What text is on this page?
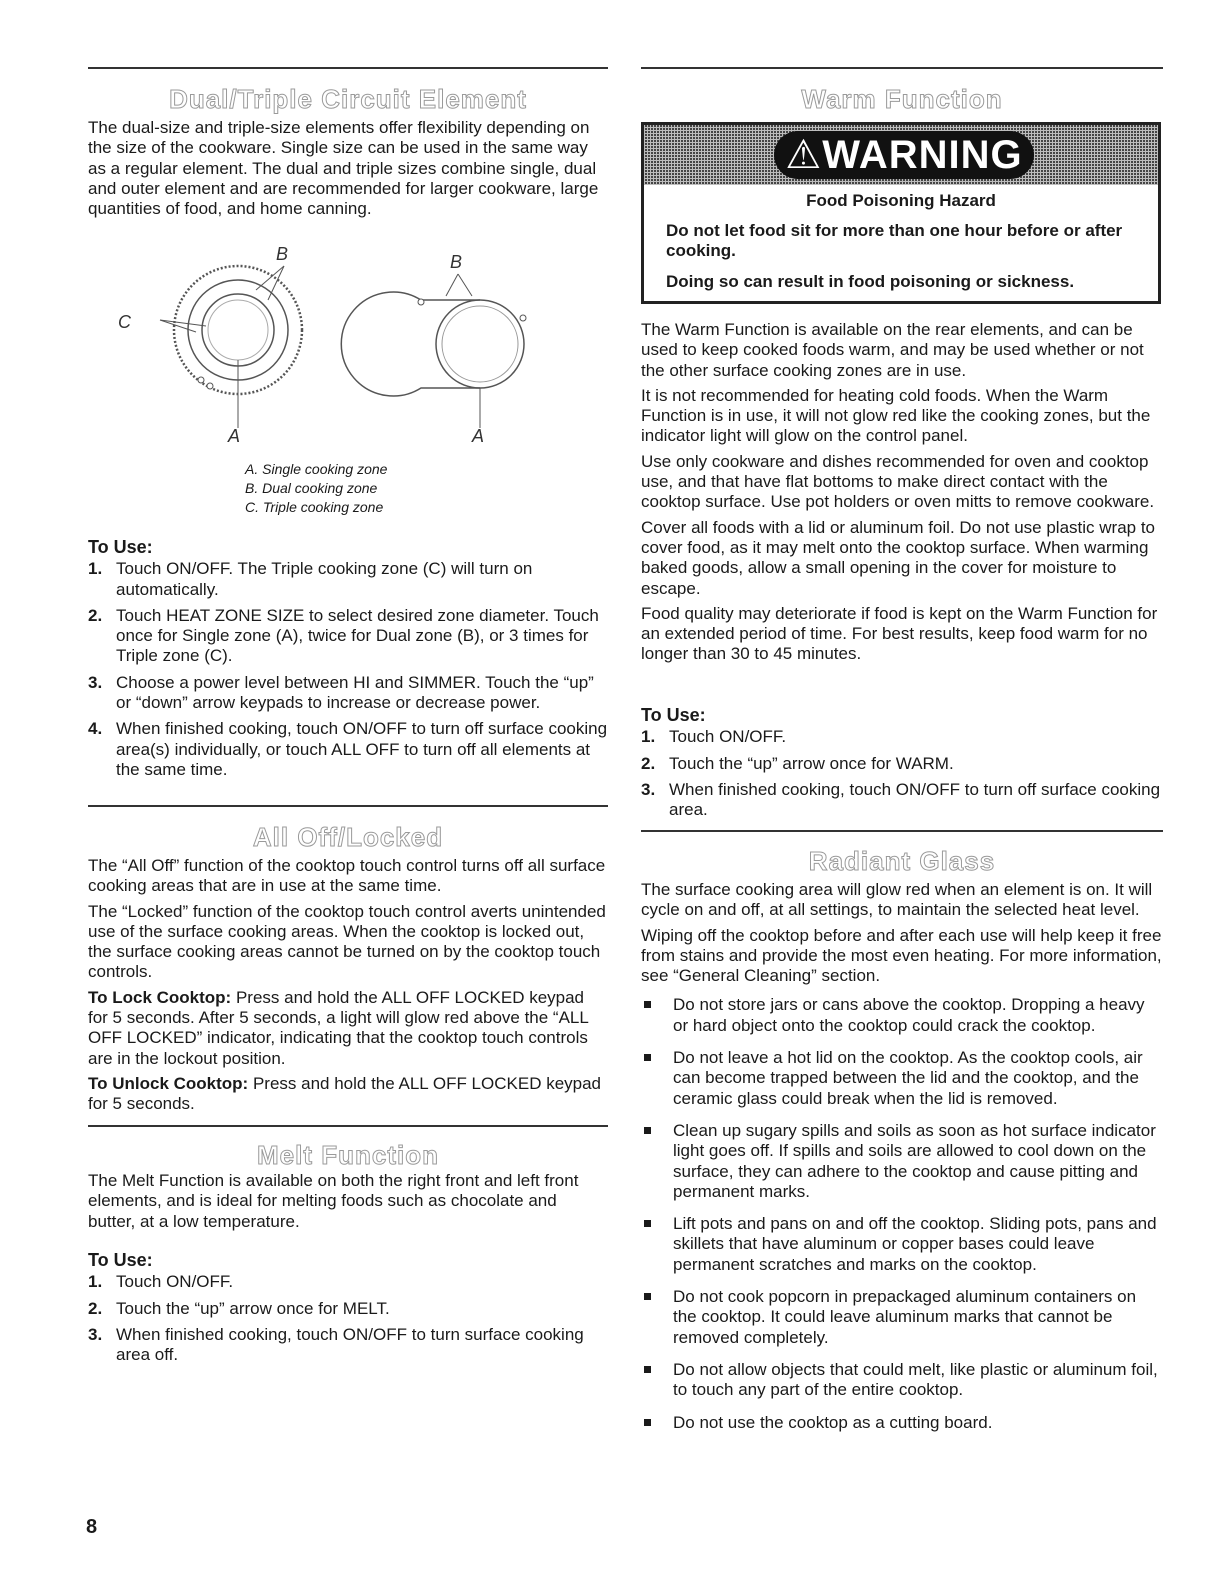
Dual/Triple Circuit Element

The dual-size and triple-size elements offer flexibility depending on the size of the cookware. Single size can be used in the same way as a regular element. The dual and triple sizes combine single, dual and outer element and are recommended for larger cookware, large quantities of food, and home canning.

B	B
C
A	A
A. Single cooking zone
B. Dual cooking zone
C. Triple cooking zone
To Use:
1. Touch ON/OFF. The Triple cooking zone (C) will turn on automatically.
2. Touch HEAT ZONE SIZE to select desired zone diameter. Touch once for Single zone (A), twice for Dual zone (B), or 3 times for Triple zone (C).
3. Choose a power level between HI and SIMMER. Touch the “up” or “down” arrow keypads to increase or decrease power.
4. When finished cooking, touch ON/OFF to turn off surface cooking area(s) individually, or touch ALL OFF to turn off all elements at the same time.
All Off/Locked

The “All Off” function of the cooktop touch control turns off all surface cooking areas that are in use at the same time.

The “Locked” function of the cooktop touch control averts unintended use of the surface cooking areas. When the cooktop is locked out, the surface cooking areas cannot be turned on by the cooktop touch controls.

To Lock Cooktop: Press and hold the ALL OFF LOCKED keypad for 5 seconds. After 5 seconds, a light will glow red above the “ALL OFF LOCKED” indicator, indicating that the cooktop touch controls are in the lockout position.

To Unlock Cooktop: Press and hold the ALL OFF LOCKED keypad for 5 seconds.

Melt Function

The Melt Function is available on both the right front and left front elements, and is ideal for melting foods such as chocolate and butter, at a low temperature.

To Use:
1. Touch ON/OFF.
2. Touch the “up” arrow once for MELT.
3. When finished cooking, touch ON/OFF to turn surface cooking area off.
Warm Function
⚠WARNING
Food Poisoning Hazard
Do not let food sit for more than one hour before or after cooking.
Doing so can result in food poisoning or sickness.

The Warm Function is available on the rear elements, and can be used to keep cooked foods warm, and may be used whether or not the other surface cooking zones are in use.

It is not recommended for heating cold foods. When the Warm Function is in use, it will not glow red like the cooking zones, but the indicator light will glow on the control panel.

Use only cookware and dishes recommended for oven and cooktop use, and that have flat bottoms to make direct contact with the cooktop surface. Use pot holders or oven mitts to remove cookware.

Cover all foods with a lid or aluminum foil. Do not use plastic wrap to cover food, as it may melt onto the cooktop surface. When warming baked goods, allow a small opening in the cover for moisture to escape.

Food quality may deteriorate if food is kept on the Warm Function for an extended period of time. For best results, keep food warm for no longer than 30 to 45 minutes.

To Use:
1. Touch ON/OFF.
2. Touch the “up” arrow once for WARM.
3. When finished cooking, touch ON/OFF to turn off surface cooking area.
Radiant Glass

The surface cooking area will glow red when an element is on. It will cycle on and off, at all settings, to maintain the selected heat level.

Wiping off the cooktop before and after each use will help keep it free from stains and provide the most even heating. For more information, see “General Cleaning” section.

Do not store jars or cans above the cooktop. Dropping a heavy or hard object onto the cooktop could crack the cooktop.
Do not leave a hot lid on the cooktop. As the cooktop cools, air can become trapped between the lid and the cooktop, and the ceramic glass could break when the lid is removed.
Clean up sugary spills and soils as soon as hot surface indicator light goes off. If spills and soils are allowed to cool down on the surface, they can adhere to the cooktop and cause pitting and permanent marks.
Lift pots and pans on and off the cooktop. Sliding pots, pans and skillets that have aluminum or copper bases could leave permanent scratches and marks on the cooktop.
Do not cook popcorn in prepackaged aluminum containers on the cooktop. It could leave aluminum marks that cannot be removed completely.
Do not allow objects that could melt, like plastic or aluminum foil, to touch any part of the entire cooktop.
Do not use the cooktop as a cutting board.
8
